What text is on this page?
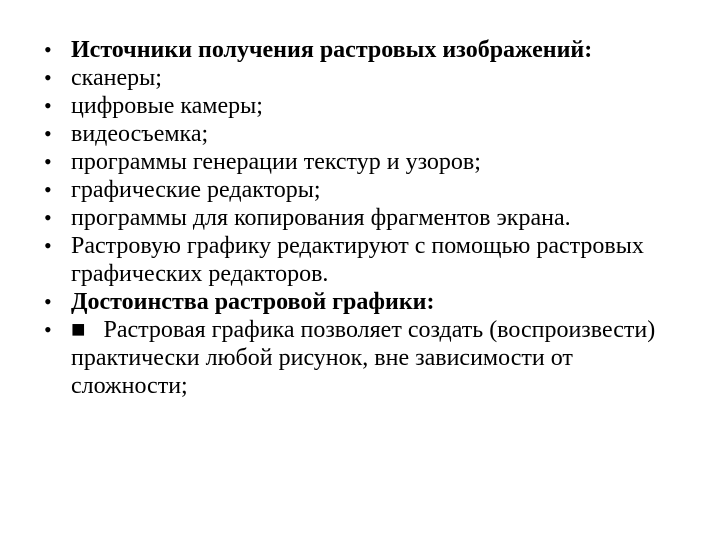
• Источники получения растровых изображений:
• сканеры;
• цифровые камеры;
• видеосъемка;
• программы генерации текстур и узоров;
• графические редакторы;
• программы для копирования фрагментов экрана.
• Растровую графику редактируют с помощью растровых графических редакторов.
• Достоинства растровой графики:
• ■ Растровая графика позволяет создать (воспроизвести) практически любой рисунок, вне зависимости от сложности;
